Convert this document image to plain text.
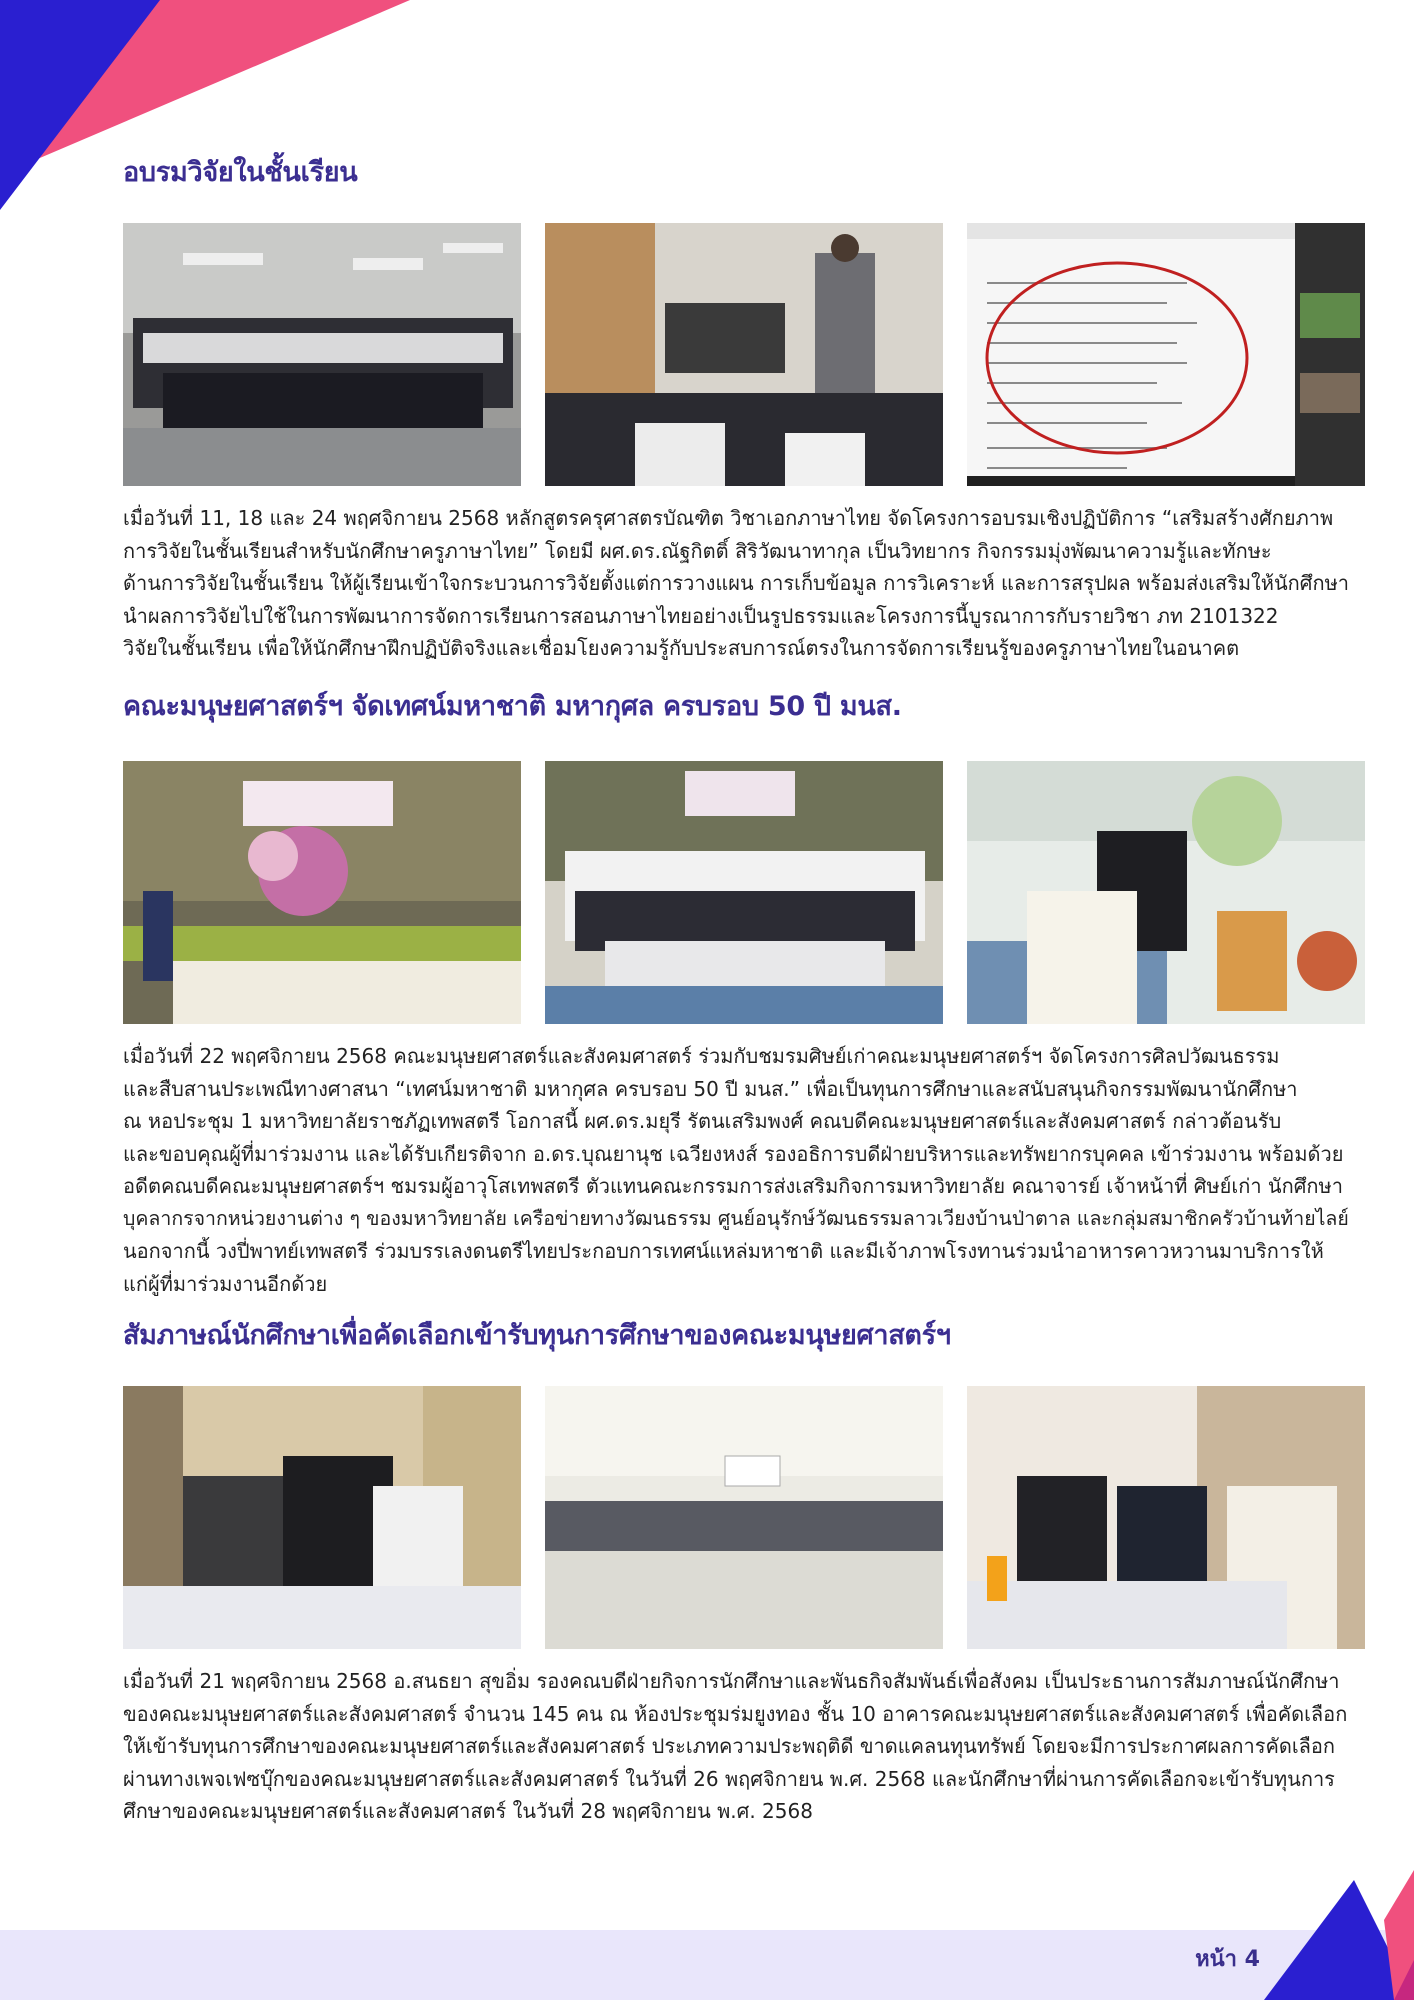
หน้า 4
อบรมวิจัยในชั้นเรียน

เมื่อวันที่ 11, 18 และ 24 พฤศจิกายน 2568 หลักสูตรครุศาสตรบัณฑิต วิชาเอกภาษาไทย จัดโครงการอบรมเชิงปฏิบัติการ “เสริมสร้างศักยภาพ
การวิจัยในชั้นเรียนสำหรับนักศึกษาครูภาษาไทย” โดยมี ผศ.ดร.ณัฐกิตติ์ สิริวัฒนาทากุล เป็นวิทยากร กิจกรรมมุ่งพัฒนาความรู้และทักษะ
ด้านการวิจัยในชั้นเรียน ให้ผู้เรียนเข้าใจกระบวนการวิจัยตั้งแต่การวางแผน การเก็บข้อมูล การวิเคราะห์ และการสรุปผล พร้อมส่งเสริมให้นักศึกษา
นำผลการวิจัยไปใช้ในการพัฒนาการจัดการเรียนการสอนภาษาไทยอย่างเป็นรูปธรรมและโครงการนี้บูรณาการกับรายวิชา ภท 2101322
วิจัยในชั้นเรียน เพื่อให้นักศึกษาฝึกปฏิบัติจริงและเชื่อมโยงความรู้กับประสบการณ์ตรงในการจัดการเรียนรู้ของครูภาษาไทยในอนาคต

คณะมนุษยศาสตร์ฯ จัดเทศน์มหาชาติ มหากุศล ครบรอบ 50 ปี มนส.

เมื่อวันที่ 22 พฤศจิกายน 2568 คณะมนุษยศาสตร์และสังคมศาสตร์ ร่วมกับชมรมศิษย์เก่าคณะมนุษยศาสตร์ฯ จัดโครงการศิลปวัฒนธรรม
และสืบสานประเพณีทางศาสนา “เทศน์มหาชาติ มหากุศล ครบรอบ 50 ปี มนส.” เพื่อเป็นทุนการศึกษาและสนับสนุนกิจกรรมพัฒนานักศึกษา
ณ หอประชุม 1 มหาวิทยาลัยราชภัฏเทพสตรี โอกาสนี้ ผศ.ดร.มยุรี รัตนเสริมพงศ์ คณบดีคณะมนุษยศาสตร์และสังคมศาสตร์ กล่าวต้อนรับ
และขอบคุณผู้ที่มาร่วมงาน และได้รับเกียรติจาก อ.ดร.บุณยานุช เฉวียงหงส์ รองอธิการบดีฝ่ายบริหารและทรัพยากรบุคคล เข้าร่วมงาน พร้อมด้วย
อดีตคณบดีคณะมนุษยศาสตร์ฯ ชมรมผู้อาวุโสเทพสตรี ตัวแทนคณะกรรมการส่งเสริมกิจการมหาวิทยาลัย คณาจารย์ เจ้าหน้าที่ ศิษย์เก่า นักศึกษา
บุคลากรจากหน่วยงานต่าง ๆ ของมหาวิทยาลัย เครือข่ายทางวัฒนธรรม ศูนย์อนุรักษ์วัฒนธรรมลาวเวียงบ้านป่าตาล และกลุ่มสมาชิกครัวบ้านท้ายไลย์
นอกจากนี้ วงปี่พาทย์เทพสตรี ร่วมบรรเลงดนตรีไทยประกอบการเทศน์แหล่มหาชาติ และมีเจ้าภาพโรงทานร่วมนำอาหารคาวหวานมาบริการให้
แก่ผู้ที่มาร่วมงานอีกด้วย

สัมภาษณ์นักศึกษาเพื่อคัดเลือกเข้ารับทุนการศึกษาของคณะมนุษยศาสตร์ฯ

เมื่อวันที่ 21 พฤศจิกายน 2568 อ.สนธยา สุขอิ่ม รองคณบดีฝ่ายกิจการนักศึกษาและพันธกิจสัมพันธ์เพื่อสังคม เป็นประธานการสัมภาษณ์นักศึกษา
ของคณะมนุษยศาสตร์และสังคมศาสตร์ จำนวน 145 คน ณ ห้องประชุมร่มยูงทอง ชั้น 10 อาคารคณะมนุษยศาสตร์และสังคมศาสตร์ เพื่อคัดเลือก
ให้เข้ารับทุนการศึกษาของคณะมนุษยศาสตร์และสังคมศาสตร์ ประเภทความประพฤติดี ขาดแคลนทุนทรัพย์ โดยจะมีการประกาศผลการคัดเลือก
ผ่านทางเพจเฟซบุ๊กของคณะมนุษยศาสตร์และสังคมศาสตร์ ในวันที่ 26 พฤศจิกายน พ.ศ. 2568 และนักศึกษาที่ผ่านการคัดเลือกจะเข้ารับทุนการ
ศึกษาของคณะมนุษยศาสตร์และสังคมศาสตร์ ในวันที่ 28 พฤศจิกายน พ.ศ. 2568
